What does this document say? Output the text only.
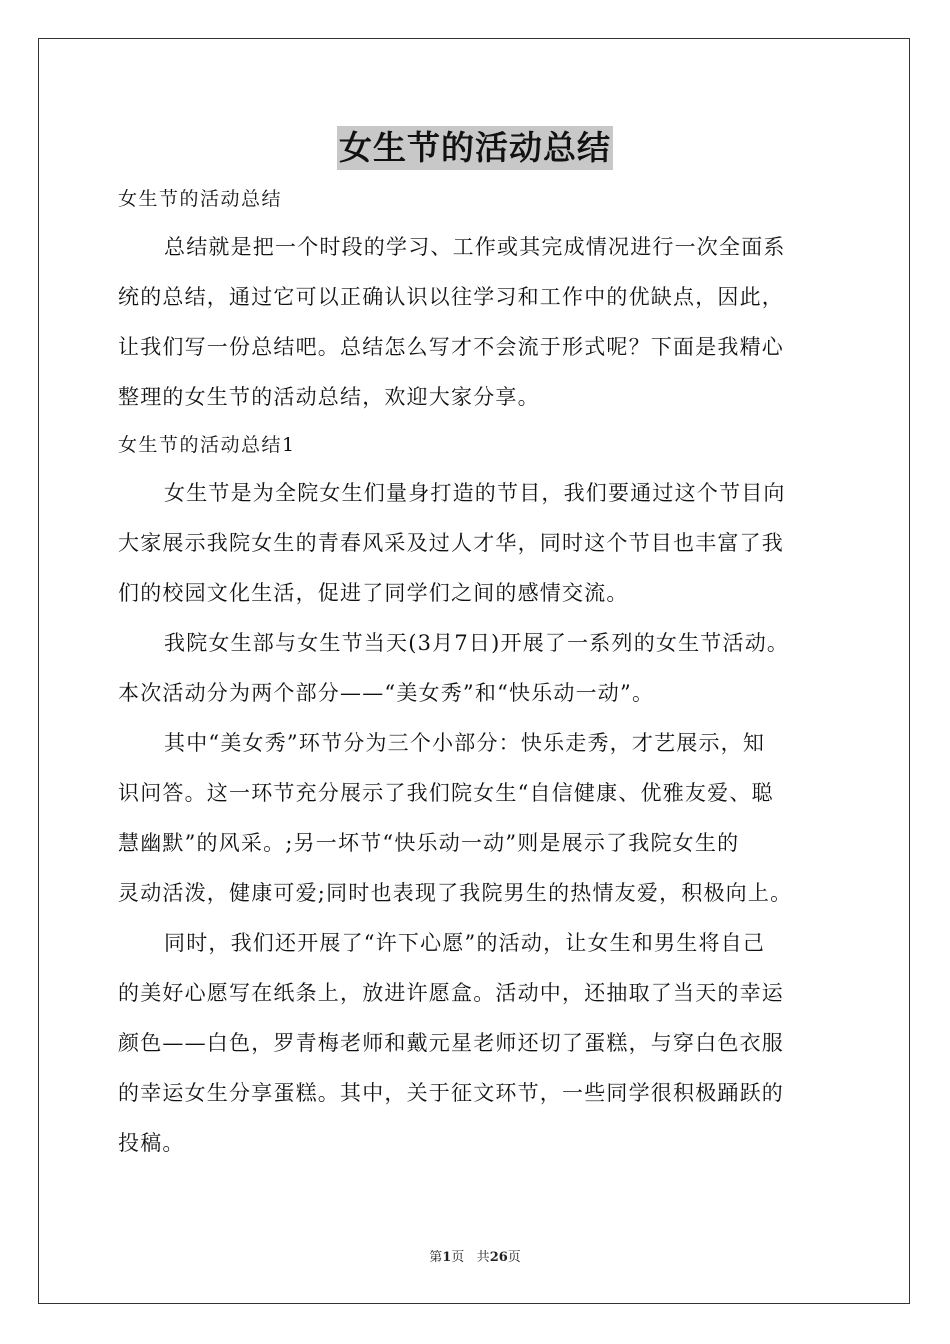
女生节的活动总结
女生节的活动总结
总结就是把一个时段的学习、工作或其完成情况进行一次全面系
统的总结，通过它可以正确认识以往学习和工作中的优缺点，因此，
让我们写一份总结吧。总结怎么写才不会流于形式呢？下面是我精心
整理的女生节的活动总结，欢迎大家分享。
女生节的活动总结1
女生节是为全院女生们量身打造的节目，我们要通过这个节目向
大家展示我院女生的青春风采及过人才华，同时这个节目也丰富了我
们的校园文化生活，促进了同学们之间的感情交流。
我院女生部与女生节当天(3月7日)开展了一系列的女生节活动。
本次活动分为两个部分——“美女秀”和“快乐动一动”。
其中“美女秀”环节分为三个小部分：快乐走秀，才艺展示，知
识问答。这一环节充分展示了我们院女生“自信健康、优雅友爱、聪
慧幽默”的风采。;另一坏节“快乐动一动”则是展示了我院女生的
灵动活泼，健康可爱;同时也表现了我院男生的热情友爱，积极向上。
同时，我们还开展了“许下心愿”的活动，让女生和男生将自己
的美好心愿写在纸条上，放进许愿盒。活动中，还抽取了当天的幸运
颜色——白色，罗青梅老师和戴元星老师还切了蛋糕，与穿白色衣服
的幸运女生分享蛋糕。其中，关于征文环节，一些同学很积极踊跃的
投稿。
第1页 共26页
